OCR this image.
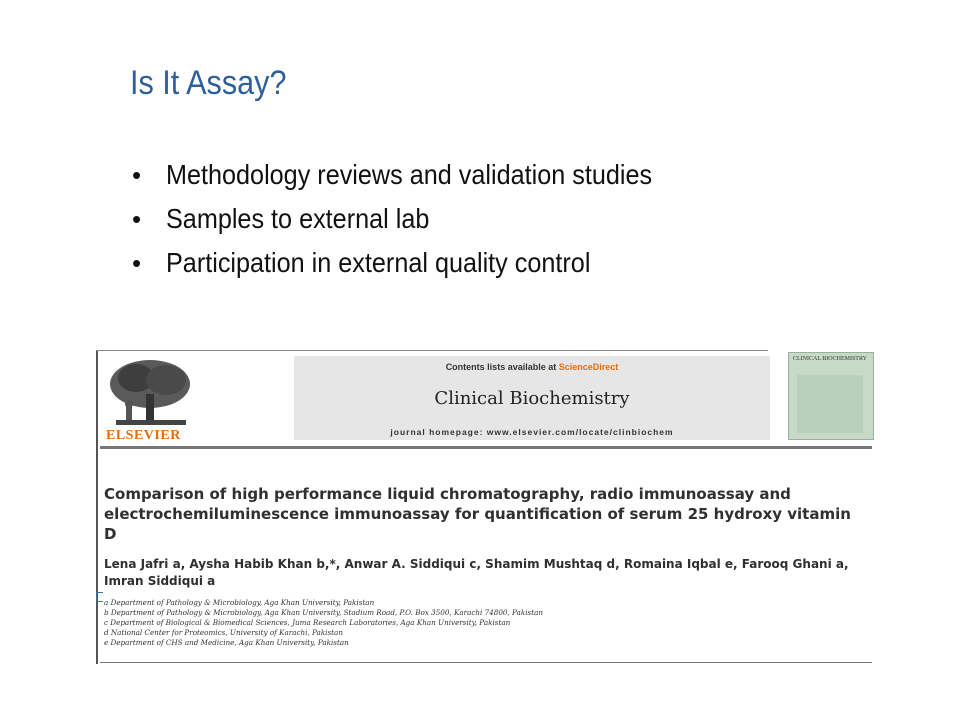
Is It Assay?
• Methodology reviews and validation studies
• Samples to external lab
• Participation in external quality control
ELSEVIER
Contents lists available at ScienceDirect
Clinical Biochemistry
journal homepage: www.elsevier.com/locate/clinbiochem
CLINICAL BIOCHEMISTRY
Comparison of high performance liquid chromatography, radio immunoassay and electrochemiluminescence immunoassay for quantification of serum 25 hydroxy vitamin D
Lena Jafri a, Aysha Habib Khan b,*, Anwar A. Siddiqui c, Shamim Mushtaq d, Romaina Iqbal e, Farooq Ghani a, Imran Siddiqui a
a Department of Pathology & Microbiology, Aga Khan University, Pakistan
b Department of Pathology & Microbiology, Aga Khan University, Stadium Road, P.O. Box 3500, Karachi 74800, Pakistan
c Department of Biological & Biomedical Sciences, Juma Research Laboratories, Aga Khan University, Pakistan
d National Center for Proteomics, University of Karachi, Pakistan
e Department of CHS and Medicine, Aga Khan University, Pakistan
